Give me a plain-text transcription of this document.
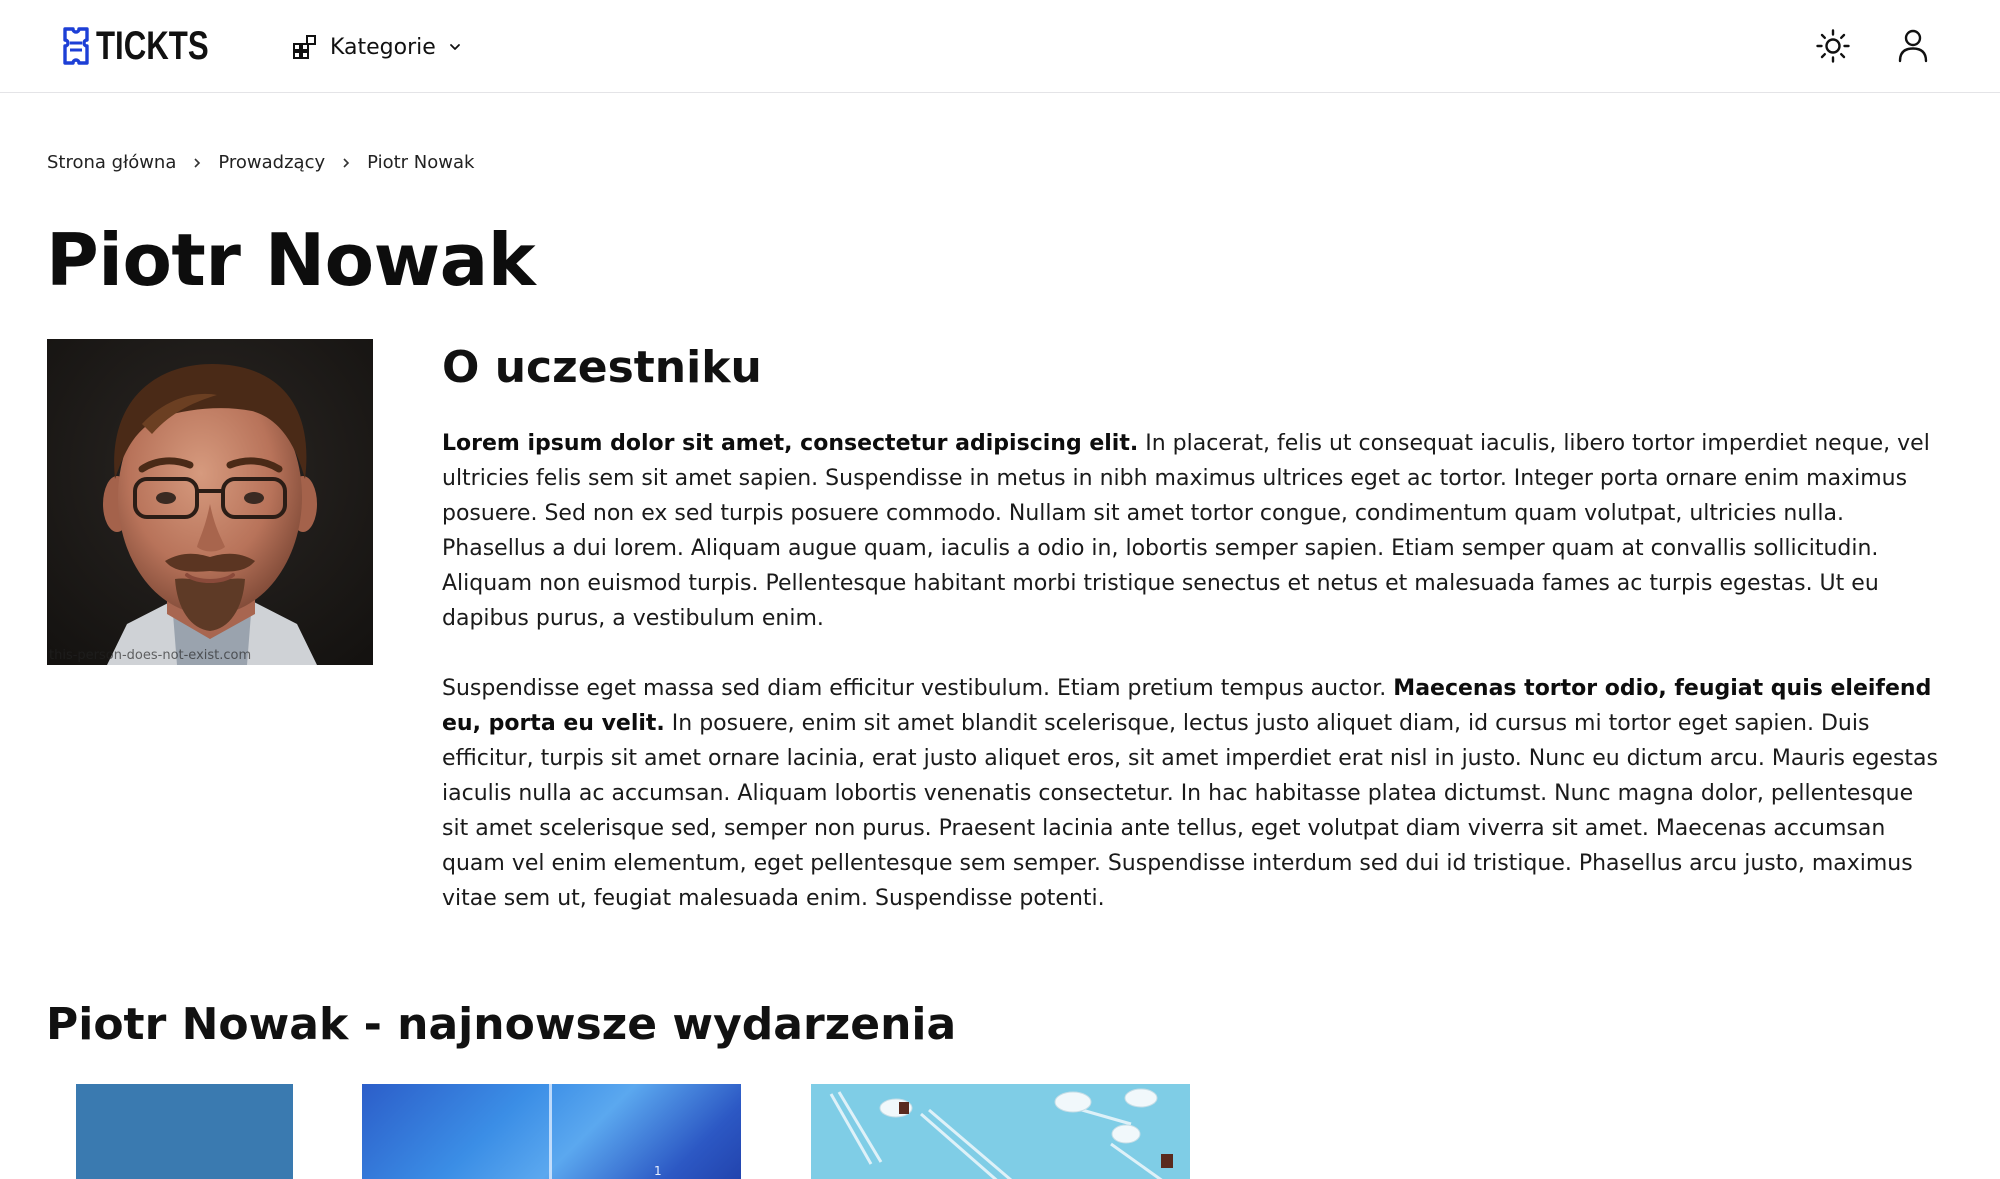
TICKTS	Kategorie
Strona główna Prowadzący Piotr Nowak
Piotr Nowak
this-person-does-not-exist.com
O uczestniku

Lorem ipsum dolor sit amet, consectetur adipiscing elit. In placerat, felis ut consequat iaculis, libero tortor imperdiet neque, vel ultricies felis sem sit amet sapien. Suspendisse in metus in nibh maximus ultrices eget ac tortor. Integer porta ornare enim maximus posuere. Sed non ex sed turpis posuere commodo. Nullam sit amet tortor congue, condimentum quam volutpat, ultricies nulla. Phasellus a dui lorem. Aliquam augue quam, iaculis a odio in, lobortis semper sapien. Etiam semper quam at convallis sollicitudin. Aliquam non euismod turpis. Pellentesque habitant morbi tristique senectus et netus et malesuada fames ac turpis egestas. Ut eu dapibus purus, a vestibulum enim.

Suspendisse eget massa sed diam efficitur vestibulum. Etiam pretium tempus auctor. Maecenas tortor odio, feugiat quis eleifend eu, porta eu velit. In posuere, enim sit amet blandit scelerisque, lectus justo aliquet diam, id cursus mi tortor eget sapien. Duis efficitur, turpis sit amet ornare lacinia, erat justo aliquet eros, sit amet imperdiet erat nisl in justo. Nunc eu dictum arcu. Mauris egestas iaculis nulla ac accumsan. Aliquam lobortis venenatis consectetur. In hac habitasse platea dictumst. Nunc magna dolor, pellentesque sit amet scelerisque sed, semper non purus. Praesent lacinia ante tellus, eget volutpat diam viverra sit amet. Maecenas accumsan quam vel enim elementum, eget pellentesque sem semper. Suspendisse interdum sed dui id tristique. Phasellus arcu justo, maximus vitae sem ut, feugiat malesuada enim. Suspendisse potenti.

Piotr Nowak - najnowsze wydarzenia
1
